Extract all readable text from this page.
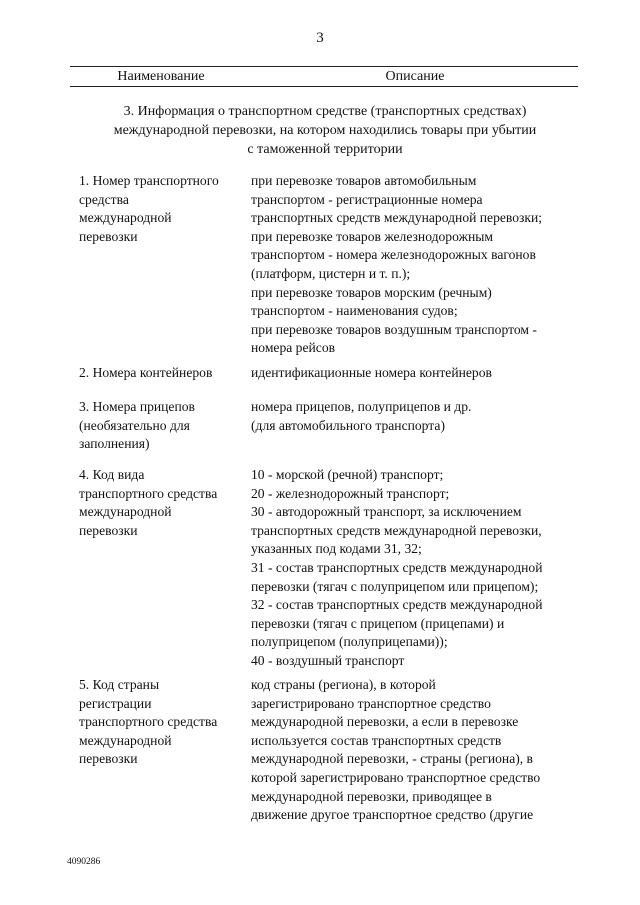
3
Наименование	Описание
3. Информация о транспортном средстве (транспортных средствах)
международной перевозки, на котором находились товары при убытии
с таможенной территории
1. Номер транспортного
средства
международной
перевозки
при перевозке товаров автомобильным
транспортом - регистрационные номера
транспортных средств международной перевозки;
при перевозке товаров железнодорожным
транспортом - номера железнодорожных вагонов
(платформ, цистерн и т. п.);
при перевозке товаров морским (речным)
транспортом - наименования судов;
при перевозке товаров воздушным транспортом -
номера рейсов
2. Номера контейнеров	идентификационные номера контейнеров
3. Номера прицепов
(необязательно для
заполнения)
номера прицепов, полуприцепов и др.
(для автомобильного транспорта)
4. Код вида
транспортного средства
международной
перевозки
10 - морской (речной) транспорт;
20 - железнодорожный транспорт;
30 - автодорожный транспорт, за исключением
транспортных средств международной перевозки,
указанных под кодами 31, 32;
31 - состав транспортных средств международной
перевозки (тягач с полуприцепом или прицепом);
32 - состав транспортных средств международной
перевозки (тягач с прицепом (прицепами) и
полуприцепом (полуприцепами));
40 - воздушный транспорт
5. Код страны
регистрации
транспортного средства
международной
перевозки
код страны (региона), в которой
зарегистрировано транспортное средство
международной перевозки, а если в перевозке
используется состав транспортных средств
международной перевозки, - страны (региона), в
которой зарегистрировано транспортное средство
международной перевозки, приводящее в
движение другое транспортное средство (другие
4090286
